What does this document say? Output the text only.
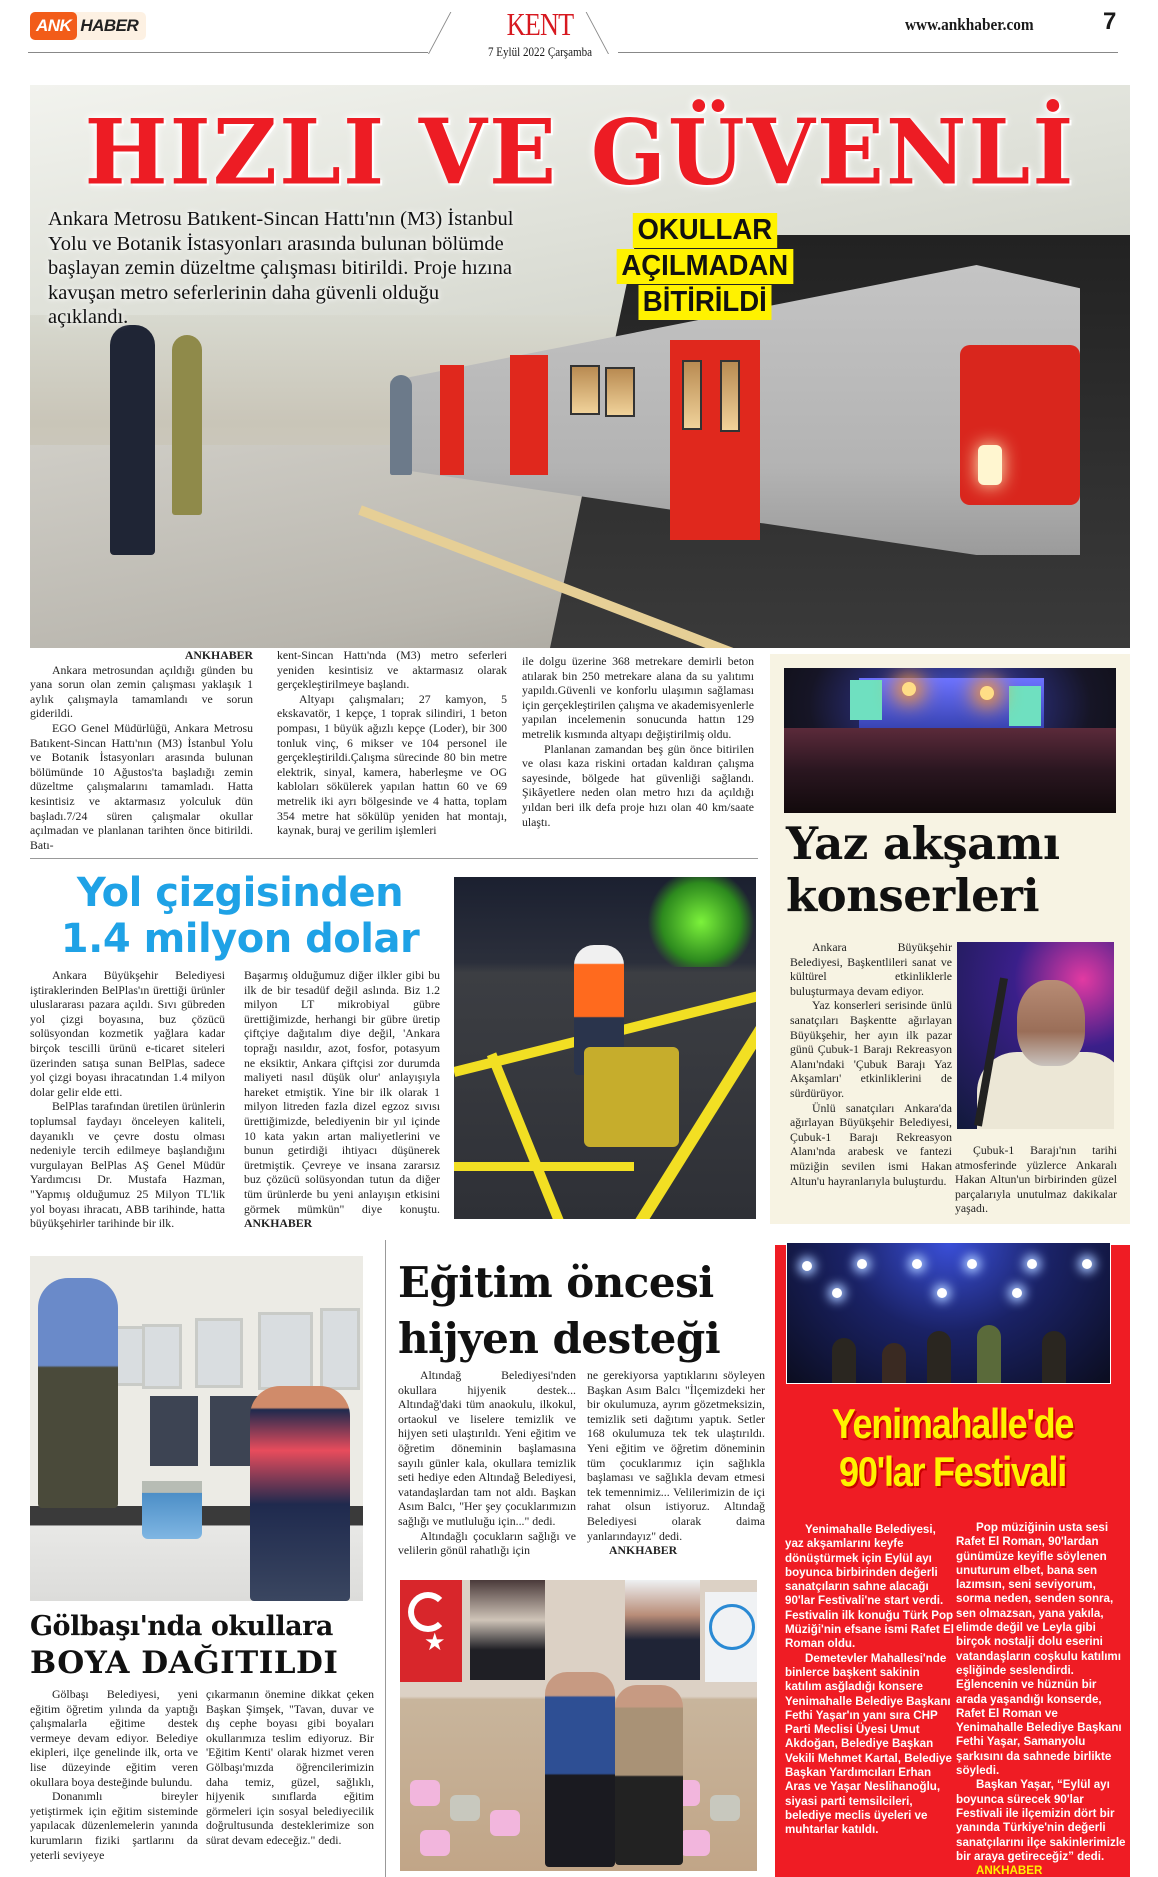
ANK HABER	KENT
7 Eylül 2022 Çarşamba
www.ankhaber.com	7
HIZLI VE GÜVENLİ

Ankara Metrosu Batıkent-Sincan Hattı'nın (M3) İstanbul Yolu ve Botanik İstasyonları arasında bulunan bölümde başlayan zemin düzeltme çalışması bitirildi. Proje hızına kavuşan metro seferlerinin daha güvenli olduğu açıklandı.

OKULLAR
AÇILMADAN
BİTİRİLDİ

ANKHABER

Ankara metrosundan açıldığı günden bu yana sorun olan zemin çalışması yaklaşık 1 aylık çalışmayla tamamlandı ve sorun giderildi.

EGO Genel Müdürlüğü, Ankara Metrosu Batıkent-Sincan Hattı'nın (M3) İstanbul Yolu ve Botanik İstasyonları arasında bulunan bölümünde 10 Ağustos'ta başladığı zemin düzeltme çalışmalarını tamamladı. Hatta kesintisiz ve aktarmasız yolculuk dün başladı.7/24 süren çalışmalar okullar açılmadan ve planlanan tarihten önce bitirildi. Batı-

kent-Sincan Hattı'nda (M3) metro seferleri yeniden kesintisiz ve aktarmasız olarak gerçekleştirilmeye başlandı.

Altyapı çalışmaları; 27 kamyon, 5 ekskavatör, 1 kepçe, 1 toprak silindiri, 1 beton pompası, 1 büyük ağızlı kepçe (Loder), bir 300 tonluk vinç, 6 mikser ve 104 personel ile gerçekleştirildi.Çalışma sürecinde 80 bin metre elektrik, sinyal, kamera, haberleşme ve OG kabloları sökülerek yapılan hattın 60 ve 69 metrelik iki ayrı bölgesinde ve 4 hatta, toplam 354 metre hat sökülüp yeniden hat montajı, kaynak, buraj ve gerilim işlemleri

ile dolgu üzerine 368 metrekare demirli beton atılarak bin 250 metrekare alana da su yalıtımı yapıldı.Güvenli ve konforlu ulaşımın sağlaması için gerçekleştirilen çalışma ve akademisyenlerle yapılan incelemenin sonucunda hattın 129 metrelik kısmında altyapı değiştirilmiş oldu.

Planlanan zamandan beş gün önce bitirilen ve olası kaza riskini ortadan kaldıran çalışma sayesinde, bölgede hat güvenliği sağlandı. Şikâyetlere neden olan metro hızı da açıldığı yıldan beri ilk defa proje hızı olan 40 km/saate ulaştı.	Yaz akşamı konserleri

Ankara Büyükşehir Belediyesi, Başkentlileri sanat ve kültürel etkinliklerle buluşturmaya devam ediyor.

Yaz konserleri serisinde ünlü sanatçıları Başkentte ağırlayan Büyükşehir, her ayın ilk pazar günü Çubuk-1 Barajı Rekreasyon Alanı'ndaki 'Çubuk Barajı Yaz Akşamları' etkinliklerini de sürdürüyor.

Ünlü sanatçıları Ankara'da ağırlayan Büyükşehir Belediyesi, Çubuk-1 Barajı Rekreasyon Alanı'nda arabesk ve fantezi müziğin sevilen ismi Hakan Altun'u hayranlarıyla buluşturdu.

Çubuk-1 Barajı'nın tarihi atmosferinde yüzlerce Ankaralı Hakan Altun'un birbirinden güzel parçalarıyla unutulmaz dakikalar yaşadı.

Yol çizgisinden
1.4 milyon dolar

Ankara Büyükşehir Belediyesi iştiraklerinden BelPlas'ın ürettiği ürünler uluslararası pazara açıldı. Sıvı gübreden yol çizgi boyasına, buz çözücü solüsyondan kozmetik yağlara kadar birçok tescilli ürünü e-ticaret siteleri üzerinden satışa sunan BelPlas, sadece yol çizgi boyası ihracatından 1.4 milyon dolar gelir elde etti.

BelPlas tarafından üretilen ürünlerin toplumsal faydayı önceleyen kaliteli, dayanıklı ve çevre dostu olması nedeniyle tercih edilmeye başlandığını vurgulayan BelPlas AŞ Genel Müdür Yardımcısı Dr. Mustafa Hazman, "Yapmış olduğumuz 25 Milyon TL'lik yol boyası ihracatı, ABB tarihinde, hatta büyükşehirler tarihinde bir ilk.

Başarmış olduğumuz diğer ilkler gibi bu ilk de bir tesadüf değil aslında. Biz 1.2 milyon LT mikrobiyal gübre ürettiğimizde, herhangi bir gübre üretip çiftçiye dağıtalım diye değil, 'Ankara toprağı nasıldır, azot, fosfor, potasyum ne eksiktir, Ankara çiftçisi zor durumda maliyeti nasıl düşük olur' anlayışıyla hareket etmiştik. Yine bir ilk olarak 1 milyon litreden fazla dizel egzoz sıvısı ürettiğimizde, belediyenin bir yıl içinde 10 kata yakın artan maliyetlerini ve bunun getirdiği ihtiyacı düşünerek üretmiştik. Çevreye ve insana zararsız buz çözücü solüsyondan tutun da diğer tüm ürünlerde bu yeni anlayışın etkisini görmek mümkün" diye konuştu. ANKHABER

Gölbaşı'nda okullara
BOYA DAĞITILDI

Gölbaşı Belediyesi, yeni eğitim öğretim yılında da yaptığı çalışmalarla eğitime destek vermeye devam ediyor. Belediye ekipleri, ilçe genelinde ilk, orta ve lise düzeyinde eğitim veren okullara boya desteğinde bulundu.

Donanımlı bireyler yetiştirmek için eğitim sisteminde yapılacak düzenlemelerin yanında kurumların fiziki şartlarını da yeterli seviyeye

çıkarmanın önemine dikkat çeken Başkan Şimşek, "Tavan, duvar ve dış cephe boyası gibi boyaları okullarımıza teslim ediyoruz. Bir 'Eğitim Kenti' olarak hizmet veren Gölbaşı'mızda öğrencilerimizin daha temiz, güzel, sağlıklı, hijyenik sınıflarda eğitim görmeleri için sosyal belediyecilik doğrultusunda desteklerimize son sürat devam edeceğiz." dedi.

Eğitim öncesi
hijyen desteği

Altındağ Belediyesi'nden okullara hijyenik destek... Altındağ'daki tüm anaokulu, ilkokul, ortaokul ve liselere temizlik ve hijyen seti ulaştırıldı. Yeni eğitim ve öğretim döneminin başlamasına sayılı günler kala, okullara temizlik seti hediye eden Altındağ Belediyesi, vatandaşlardan tam not aldı. Başkan Asım Balcı, "Her şey çocuklarımızın sağlığı ve mutluluğu için..." dedi.

Altındağlı çocukların sağlığı ve velilerin gönül rahatlığı için

ne gerekiyorsa yaptıklarını söyleyen Başkan Asım Balcı "İlçemizdeki her bir okulumuza, ayrım gözetmeksizin, temizlik seti dağıtımı yaptık. Setler 168 okulumuza tek tek ulaştırıldı. Yeni eğitim ve öğretim döneminin tüm çocuklarımız için sağlıkla başlaması ve sağlıkla devam etmesi tek temennimiz... Velilerimizin de içi rahat olsun istiyoruz. Altındağ Belediyesi olarak daima yanlarındayız" dedi.

ANKHABER

★
Yenimahalle'de
90'lar Festivali

Yenimahalle Belediyesi, yaz akşamlarını keyfe dönüştürmek için Eylül ayı boyunca birbirinden değerli sanatçıların sahne alacağı 90'lar Festivali'ne start verdi. Festivalin ilk konuğu Türk Pop Müziği'nin efsane ismi Rafet El Roman oldu.

Demetevler Mahallesi'nde binlerce başkent sakinin katılım asğladığı konsere Yenimahalle Belediye Başkanı Fethi Yaşar'ın yanı sıra CHP Parti Meclisi Üyesi Umut Akdoğan, Belediye Başkan Vekili Mehmet Kartal, Belediye Başkan Yardımcıları Erhan Aras ve Yaşar Neslihanoğlu, siyasi parti temsilcileri, belediye meclis üyeleri ve muhtarlar katıldı.

Pop müziğinin usta sesi Rafet El Roman, 90'lardan günümüze keyifle söylenen unuturum elbet, bana sen lazımsın, seni seviyorum, sorma neden, senden sonra, sen olmazsan, yana yakıla, elimde değil ve Leyla gibi birçok nostalji dolu eserini vatandaşların coşkulu katılımı eşliğinde seslendirdi. Eğlencenin ve hüznün bir arada yaşandığı konserde, Rafet El Roman ve Yenimahalle Belediye Başkanı Fethi Yaşar, Samanyolu şarkısını da sahnede birlikte söyledi.

Başkan Yaşar, “Eylül ayı boyunca sürecek 90'lar Festivali ile ilçemizin dört bir yanında Türkiye'nin değerli sanatçılarını ilçe sakinlerimizle bir araya getireceğiz” dedi.

ANKHABER
